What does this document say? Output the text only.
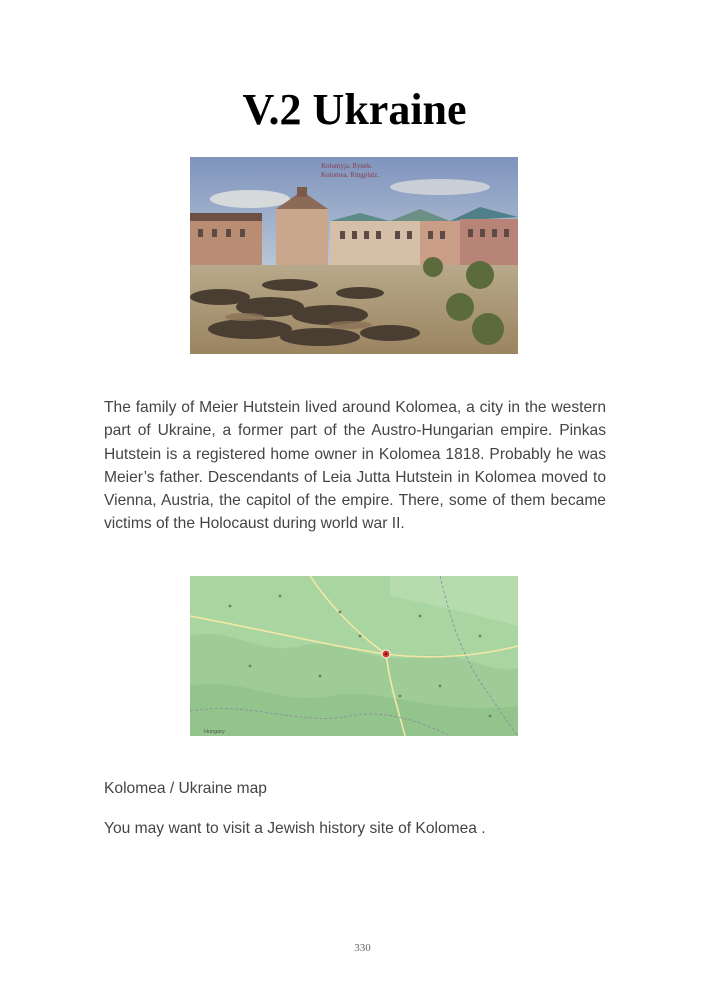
V.2 Ukraine
Kolomyja. Rynek.
Kolomea. Ringplatz.

The family of Meier Hutstein lived around Kolomea, a city in the western part of Ukraine, a former part of the Austro-Hungarian empire. Pinkas Hutstein is a registered home owner in Kolomea 1818. Probably he was Meier’s father. Descendants of Leia Jutta Hutstein in Kolomea moved to Vienna, Austria, the capitol of the empire. There, some of them became victims of the Holocaust during world war II.

Hungary

Kolomea / Ukraine map

You may want to visit a Jewish history site of Kolomea .

330
